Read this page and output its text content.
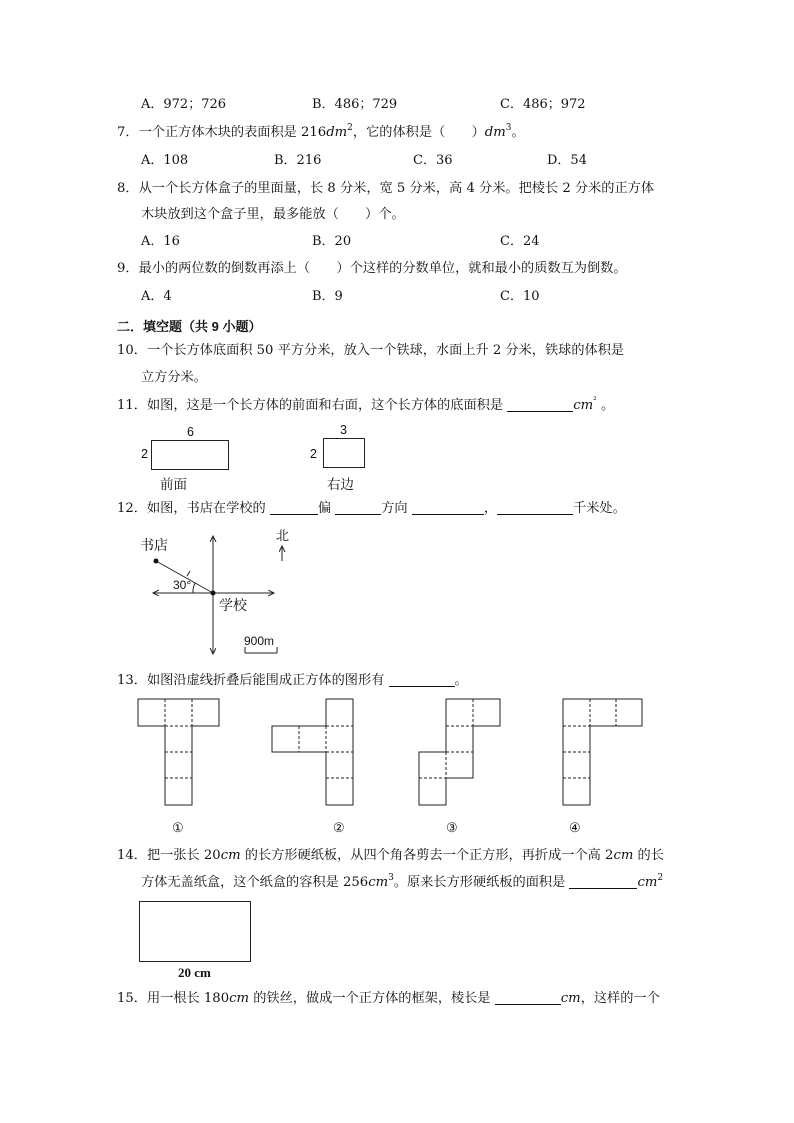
A．972；726	B．486；729	C．486；972
7．一个正方体木块的表面积是 $216dm^2$，它的体积是（　　）$dm^3$。
A．108	B．216	C．36	D．54
8．从一个长方体盒子的里面量，长 8 分米，宽 5 分米，高 4 分米。把棱长 2 分米的正方体
木块放到这个盒子里，最多能放（　　）个。
A．16	B．20	C．24
9．最小的两位数的倒数再添上（　　）个这样的分数单位，就和最小的质数互为倒数。
A．4	B．9	C．10
二．填空题（共 9 小题）
10．一个长方体底面积 50 平方分米，放入一个铁球，水面上升 2 分米，铁球的体积是
立方分米。
11．如图，这是一个长方体的前面和右面，这个长方体的底面积是	$cm^{^2}$ 。
6
2
前面
3
2
右边
12．如图，书店在学校的	偏	方向	，	千米处。
书店
学校
北
30°
900m
13．如图沿虚线折叠后能围成正方体的图形有	。
①	②	③	④
14．把一张长 20cm 的长方形硬纸板，从四个角各剪去一个正方形，再折成一个高 2cm 的长
方体无盖纸盒，这个纸盒的容积是 $256cm^3$。原来长方形硬纸板的面积是	$cm^2$
20 cm
15．用一根长 180cm 的铁丝，做成一个正方体的框架，棱长是	cm，这样的一个
